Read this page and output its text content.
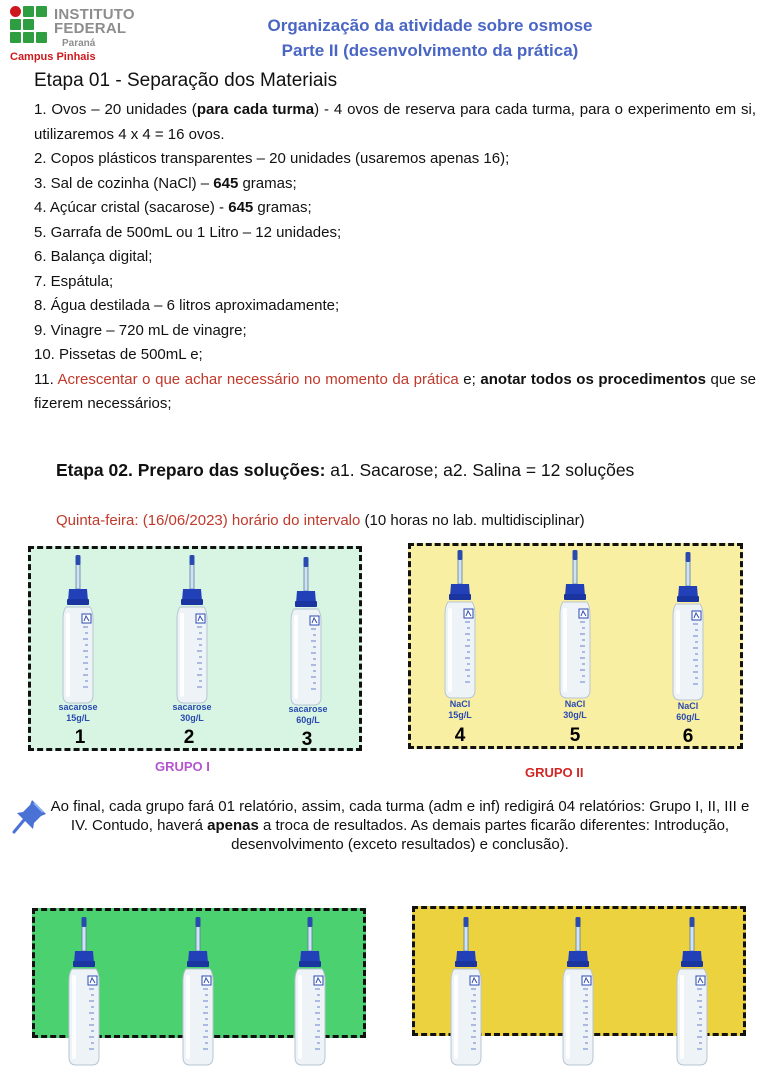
INSTITUTO
FEDERAL
Paraná
Campus Pinhais
Organização da atividade sobre osmose
Parte II (desenvolvimento da prática)
Etapa 01 - Separação dos Materiais

1. Ovos – 20 unidades (para cada turma) - 4 ovos de reserva para cada turma, para o experimento em si, utilizaremos 4 x 4 = 16 ovos.

2. Copos plásticos transparentes – 20 unidades (usaremos apenas 16);

3. Sal de cozinha (NaCl) – 645 gramas;

4. Açúcar cristal (sacarose) - 645 gramas;

5. Garrafa de 500mL ou 1 Litro – 12 unidades;

6. Balança digital;

7. Espátula;

8. Água destilada – 6 litros aproximadamente;

9. Vinagre – 720 mL de vinagre;

10. Pissetas de 500mL e;

11. Acrescentar o que achar necessário no momento da prática e; anotar todos os procedimentos que se fizerem necessários;

Etapa 02. Preparo das soluções: a1. Sacarose; a2. Salina = 12 soluções
Quinta-feira: (16/06/2023) horário do intervalo (10 horas no lab. multidisciplinar)
sacarose
15g/L
sacarose
30g/L
sacarose
60g/L
1	2	3
GRUPO I
NaCl
15g/L
NaCl
30g/L
NaCl
60g/L
4	5	6
GRUPO II
Ao final, cada grupo fará 01 relatório, assim, cada turma (adm e inf) redigirá 04 relatórios: Grupo I, II, III e IV. Contudo, haverá apenas a troca de resultados. As demais partes ficarão diferentes: Introdução, desenvolvimento (exceto resultados) e conclusão).
